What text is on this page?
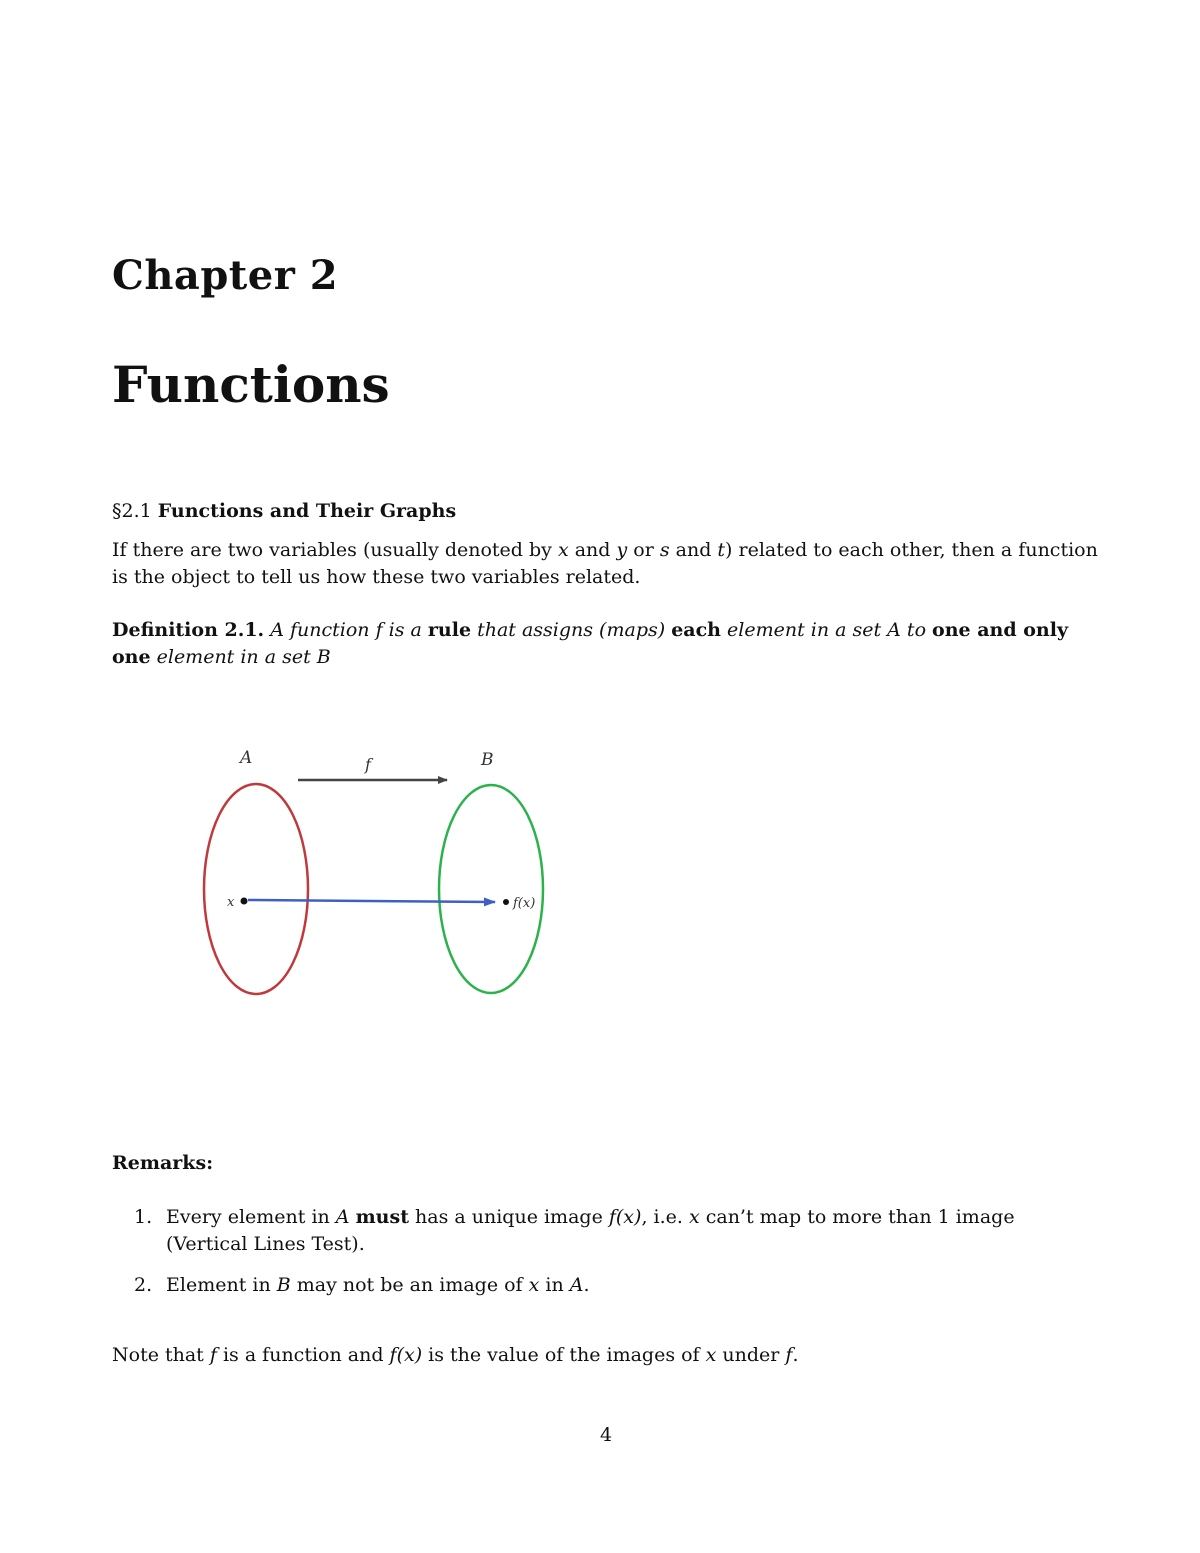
Chapter 2
Functions
§2.1 Functions and Their Graphs
If there are two variables (usually denoted by x and y or s and t) related to each other, then a function is the object to tell us how these two variables related.
Definition 2.1. A function f is a rule that assigns (maps) each element in a set A to one and only one element in a set B
A	B
f
x	f(x)
Remarks:
1. Every element in A must has a unique image f(x), i.e. x can’t map to more than 1 image (Vertical Lines Test).
2. Element in B may not be an image of x in A.
Note that f is a function and f(x) is the value of the images of x under f.
4
